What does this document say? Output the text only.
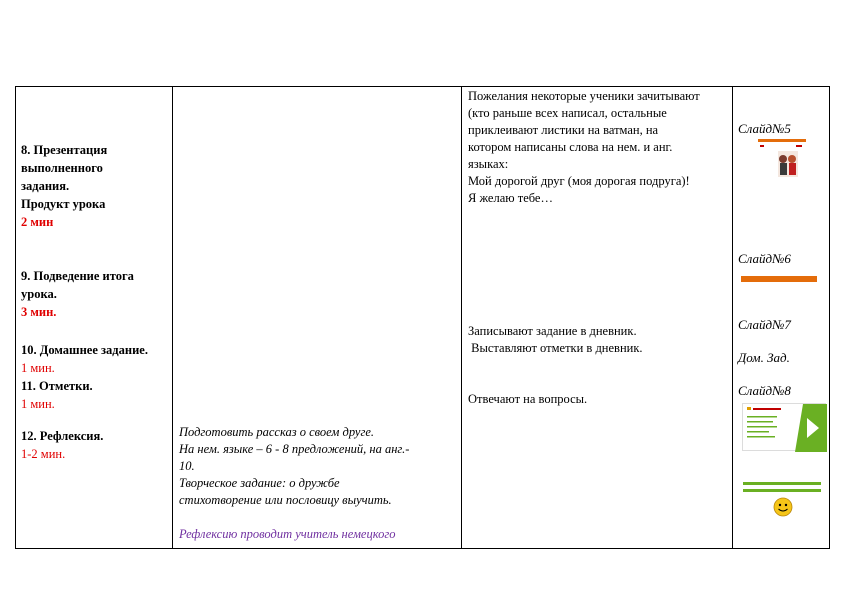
8. Презентация
выполненного
задания.
Продукт урока
2 мин
9. Подведение итога
урока.
3 мин.
10. Домашнее задание.
1 мин.
11. Отметки.
1 мин.
12. Рефлексия.
1-2 мин.
Подготовить рассказ о своем друге.
На нем. языке – 6 - 8 предложений, на анг.-
10.
Творческое задание: о дружбе
стихотворение или пословицу выучить.
Рефлексию проводит учитель немецкого
Пожелания некоторые ученики зачитывают
(кто раньше всех написал, остальные
приклеивают листики на ватман, на
котором написаны слова на нем. и анг.
языках:
Мой дорогой друг (моя дорогая подруга)!
Я желаю тебе…
Записывают задание в дневник.
Выставляют отметки в дневник.
Отвечают на вопросы.
Слайд№5
Слайд№6
Слайд№7
Дом. Зад.
Слайд№8
